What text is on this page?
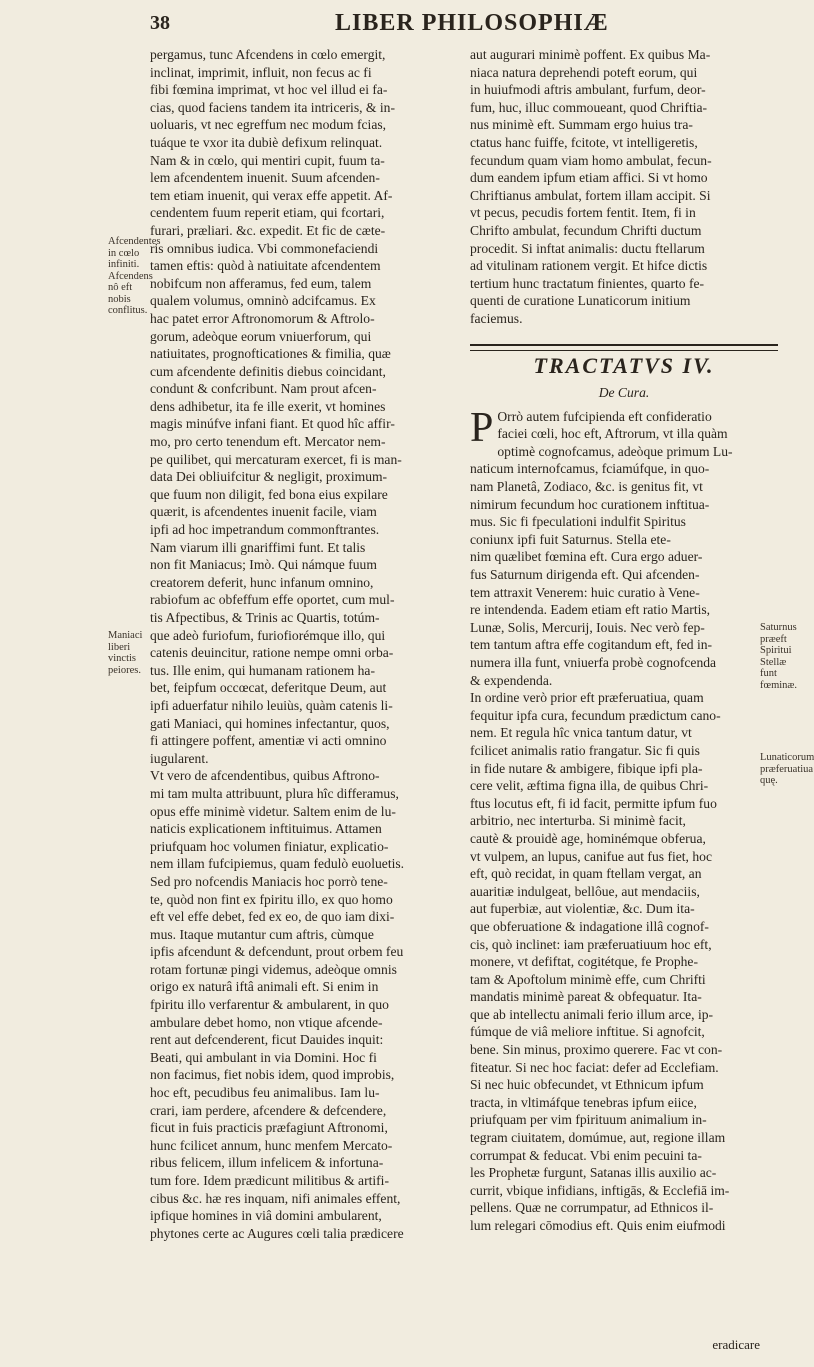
38	LIBER PHILOSOPHIÆ
Afcendentes in cœlo infiniti. Afcendens nô eft nobis conflitus.
Maniaci liberi vinctis peiores.
Saturnus præeft Spiritui Stellæ funt fœminæ.
Lunaticorum præferuatiua quę.
pergamus, tunc Afcendens in cœlo emergit,
inclinat, imprimit, influit, non fecus ac fi
fibi fœmina imprimat, vt hoc vel illud ei fa-
cias, quod faciens tandem ita intriceris, & in-
uoluaris, vt nec egreffum nec modum fcias,
tuáque te vxor ita dubiè defixum relinquat.
Nam & in cœlo, qui mentiri cupit, fuum ta-
lem afcendentem inuenit. Suum afcenden-
tem etiam inuenit, qui verax effe appetit. Af-
cendentem fuum reperit etiam, qui fcortari,
furari, præliari. &c. expedit. Et fic de cæte-
ris omnibus iudica. Vbi commonefaciendi
tamen eftis: quòd à natiuitate afcendentem
nobifcum non afferamus, fed eum, talem
qualem volumus, omninò adcifcamus. Ex
hac patet error Aftronomorum & Aftrolo-
gorum, adeòque eorum vniuerforum, qui
natiuitates, prognofticationes & fimilia, quæ
cum afcendente definitis diebus coincidant,
condunt & confcribunt. Nam prout afcen-
dens adhibetur, ita fe ille exerit, vt homines
magis minúfve infani fiant. Et quod hîc affir-
mo, pro certo tenendum eft. Mercator nem-
pe quilibet, qui mercaturam exercet, fi is man-
data Dei obliuifcitur & negligit, proximum-
que fuum non diligit, fed bona eius expilare
quærit, is afcendentes inuenit facile, viam
ipfi ad hoc impetrandum commonftrantes.
Nam viarum illi gnariffimi funt. Et talis
non fit Maniacus; Imò. Qui námque fuum
creatorem deferit, hunc infanum omnino,
rabiofum ac obfeffum effe oportet, cum mul-
tis Afpectibus, & Trinis ac Quartis, totúm-
que adeò furiofum, furiofiorémque illo, qui
catenis deuincitur, ratione nempe omni orba-
tus. Ille enim, qui humanam rationem ha-
bet, feipfum occœcat, deferitque Deum, aut
ipfi aduerfatur nihilo leuiùs, quàm catenis li-
gati Maniaci, qui homines infectantur, quos,
fi attingere poffent, amentiæ vi acti omnino
iugularent.
Vt vero de afcendentibus, quibus Aftrono-
mi tam multa attribuunt, plura hîc differamus,
opus effe minimè videtur. Saltem enim de lu-
naticis explicationem inftituimus. Attamen
priufquam hoc volumen finiatur, explicatio-
nem illam fufcipiemus, quam fedulò euoluetis.
Sed pro nofcendis Maniacis hoc porrò tene-
te, quòd non fint ex fpiritu illo, ex quo homo
eft vel effe debet, fed ex eo, de quo iam dixi-
mus. Itaque mutantur cum aftris, cùmque
ipfis afcendunt & defcendunt, prout orbem feu
rotam fortunæ pingi videmus, adeòque omnis
origo ex naturâ iftâ animali eft. Si enim in
fpiritu illo verfarentur & ambularent, in quo
ambulare debet homo, non vtique afcende-
rent aut defcenderent, ficut Dauides inquit:
Beati, qui ambulant in via Domini. Hoc fi
non facimus, fiet nobis idem, quod improbis,
hoc eft, pecudibus feu animalibus. Iam lu-
crari, iam perdere, afcendere & defcendere,
ficut in fuis practicis præfagiunt Aftronomi,
hunc fcilicet annum, hunc menfem Mercato-
ribus felicem, illum infelicem & infortuna-
tum fore. Idem prædicunt militibus & artifi-
cibus &c. hæ res inquam, nifi animales effent,
ipfique homines in viâ domini ambularent,
phytones certe ac Augures cœli talia prædicere
aut augurari minimè poffent. Ex quibus Ma-
niaca natura deprehendi poteft eorum, qui
in huiufmodi aftris ambulant, furfum, deor-
fum, huc, illuc commoueant, quod Chriftia-
nus minimè eft. Summam ergo huius tra-
ctatus hanc fuiffe, fcitote, vt intelligeretis,
fecundum quam viam homo ambulat, fecun-
dum eandem ipfum etiam affici. Si vt homo
Chriftianus ambulat, fortem illam accipit. Si
vt pecus, pecudis fortem fentit. Item, fi in
Chrifto ambulat, fecundum Chrifti ductum
procedit. Si inftat animalis: ductu ftellarum
ad vitulinam rationem vergit. Et hifce dictis
tertium hunc tractatum finientes, quarto fe-
quenti de curatione Lunaticorum initium
faciemus.
TRACTATVS IV.
De Cura.
P Orrò autem fufcipienda eft confideratio
faciei cœli, hoc eft, Aftrorum, vt illa quàm
optimè cognofcamus, adeòque primum Lu-
naticum internofcamus, fciamúfque, in quo-
nam Planetâ, Zodiaco, &c. is genitus fit, vt
nimirum fecundum hoc curationem inftitua-
mus. Sic fi fpeculationi indulfit Spiritus
coniunx ipfi fuit Saturnus. Stella ete-
nim quælibet fœmina eft. Cura ergo aduer-
fus Saturnum dirigenda eft. Qui afcenden-
tem attraxit Venerem: huic curatio à Vene-
re intendenda. Eadem etiam eft ratio Martis,
Lunæ, Solis, Mercurij, Iouis. Nec verò fep-
tem tantum aftra effe cogitandum eft, fed in-
numera illa funt, vniuerfa probè cognofcenda
& expendenda.
In ordine verò prior eft præferuatiua, quam
fequitur ipfa cura, fecundum prædictum cano-
nem. Et regula hîc vnica tantum datur, vt
fcilicet animalis ratio frangatur. Sic fi quis
in fide nutare & ambigere, fibique ipfi pla-
cere velit, æftima figna illa, de quibus Chri-
ftus locutus eft, fi id facit, permitte ipfum fuo
arbitrio, nec interturba. Si minimè facit,
cautè & prouidè age, hominémque obferua,
vt vulpem, an lupus, canifue aut fus fiet, hoc
eft, quò recidat, in quam ftellam vergat, an
auaritiæ indulgeat, bellôue, aut mendaciis,
aut fuperbiæ, aut violentiæ, &c. Dum ita-
que obferuatione & indagatione illâ cognof-
cis, quò inclinet: iam præferuatiuum hoc eft,
monere, vt defiftat, cogitétque, fe Prophe-
tam & Apoftolum minimè effe, cum Chrifti
mandatis minimè pareat & obfequatur. Ita-
que ab intellectu animali ferio illum arce, ip-
fúmque de viâ meliore inftitue. Si agnofcit,
bene. Sin minus, proximo querere. Fac vt con-
fiteatur. Si nec hoc faciat: defer ad Ecclefiam.
Si nec huic obfecundet, vt Ethnicum ipfum
tracta, in vltimáfque tenebras ipfum eiice,
priufquam per vim fpirituum animalium in-
tegram ciuitatem, domúmue, aut, regione illam
corrumpat & feducat. Vbi enim pecuini ta-
les Prophetæ furgunt, Satanas illis auxilio ac-
currit, vbique infidians, inftigās, & Ecclefiā im-
pellens. Quæ ne corrumpatur, ad Ethnicos il-
lum relegari cōmodius eft. Quis enim eiufmodi
eradicare
